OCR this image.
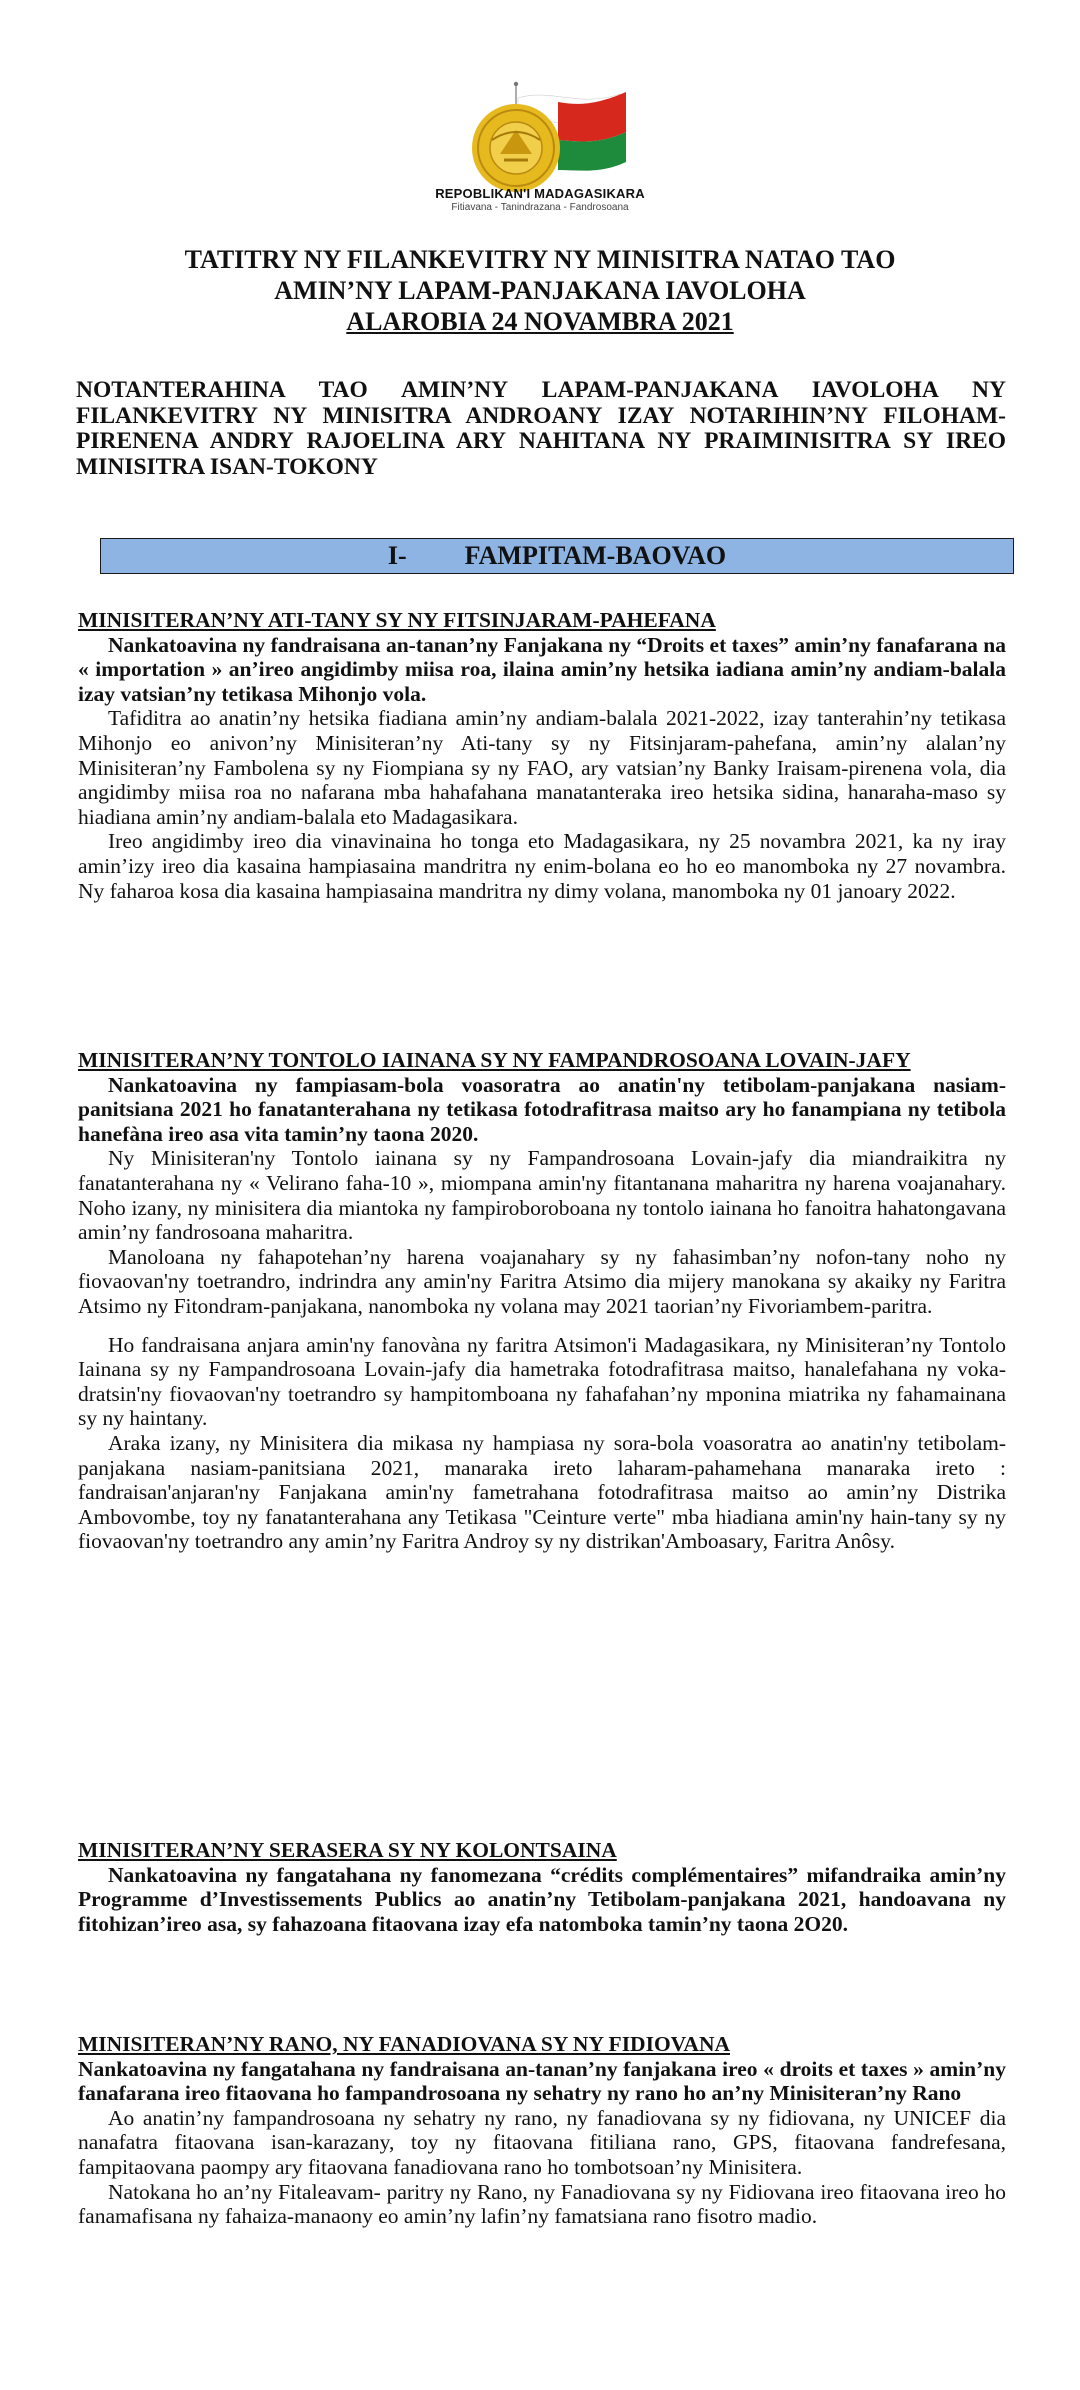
REPOBLIKAN'I MADAGASIKARA
Fitiavana - Tanindrazana - Fandrosoana
TATITRY NY FILANKEVITRY NY MINISITRA NATAO TAO
AMIN’NY LAPAM-PANJAKANA IAVOLOHA
ALAROBIA 24 NOVAMBRA 2021
NOTANTERAHINA TAO AMIN’NY LAPAM-PANJAKANA IAVOLOHA NY FILANKEVITRY NY MINISITRA ANDROANY IZAY NOTARIHIN’NY FILOHAM-PIRENENA ANDRY RAJOELINA ARY NAHITANA NY PRAIMINISITRA SY IREO MINISITRA ISAN-TOKONY
I- FAMPITAM-BAOVAO

MINISITERAN’NY ATI-TANY SY NY FITSINJARAM-PAHEFANA

Nankatoavina ny fandraisana an-tanan’ny Fanjakana ny “Droits et taxes” amin’ny fanafarana na « importation » an’ireo angidimby miisa roa, ilaina amin’ny hetsika iadiana amin’ny andiam-balala izay vatsian’ny tetikasa Mihonjo vola.

Tafiditra ao anatin’ny hetsika fiadiana amin’ny andiam-balala 2021-2022, izay tanterahin’ny tetikasa Mihonjo eo anivon’ny Minisiteran’ny Ati-tany sy ny Fitsinjaram-pahefana, amin’ny alalan’ny Minisiteran’ny Fambolena sy ny Fiompiana sy ny FAO, ary vatsian’ny Banky Iraisam-pirenena vola, dia angidimby miisa roa no nafarana mba hahafahana manatanteraka ireo hetsika sidina, hanaraha-maso sy hiadiana amin’ny andiam-balala eto Madagasikara.

Ireo angidimby ireo dia vinavinaina ho tonga eto Madagasikara, ny 25 novambra 2021, ka ny iray amin’izy ireo dia kasaina hampiasaina mandritra ny enim-bolana eo ho eo manomboka ny 27 novambra. Ny faharoa kosa dia kasaina hampiasaina mandritra ny dimy volana, manomboka ny 01 janoary 2022.

MINISITERAN’NY TONTOLO IAINANA SY NY FAMPANDROSOANA LOVAIN-JAFY

Nankatoavina ny fampiasam-bola voasoratra ao anatin'ny tetibolam-panjakana nasiam-panitsiana 2021 ho fanatanterahana ny tetikasa fotodrafitrasa maitso ary ho fanampiana ny tetibola hanefàna ireo asa vita tamin’ny taona 2020.

Ny Minisiteran'ny Tontolo iainana sy ny Fampandrosoana Lovain-jafy dia miandraikitra ny fanatanterahana ny « Velirano faha-10 », miompana amin'ny fitantanana maharitra ny harena voajanahary. Noho izany, ny minisitera dia miantoka ny fampiroboroboana ny tontolo iainana ho fanoitra hahatongavana amin’ny fandrosoana maharitra.

Manoloana ny fahapotehan’ny harena voajanahary sy ny fahasimban’ny nofon-tany noho ny fiovaovan'ny toetrandro, indrindra any amin'ny Faritra Atsimo dia mijery manokana sy akaiky ny Faritra Atsimo ny Fitondram-panjakana, nanomboka ny volana may 2021 taorian’ny Fivoriambem-paritra.

Ho fandraisana anjara amin'ny fanovàna ny faritra Atsimon'i Madagasikara, ny Minisiteran’ny Tontolo Iainana sy ny Fampandrosoana Lovain-jafy dia hametraka fotodrafitrasa maitso, hanalefahana ny voka-dratsin'ny fiovaovan'ny toetrandro sy hampitomboana ny fahafahan’ny mponina miatrika ny fahamainana sy ny haintany.

Araka izany, ny Minisitera dia mikasa ny hampiasa ny sora-bola voasoratra ao anatin'ny tetibolam-panjakana nasiam-panitsiana 2021, manaraka ireto laharam-pahamehana manaraka ireto : fandraisan'anjaran'ny Fanjakana amin'ny fametrahana fotodrafitrasa maitso ao amin’ny Distrika Ambovombe, toy ny fanatanterahana any Tetikasa "Ceinture verte" mba hiadiana amin'ny hain-tany sy ny fiovaovan'ny toetrandro any amin’ny Faritra Androy sy ny distrikan'Amboasary, Faritra Anôsy.

MINISITERAN’NY SERASERA SY NY KOLONTSAINA

Nankatoavina ny fangatahana ny fanomezana “crédits complémentaires” mifandraika amin’ny Programme d’Investissements Publics ao anatin’ny Tetibolam-panjakana 2021, handoavana ny fitohizan’ireo asa, sy fahazoana fitaovana izay efa natomboka tamin’ny taona 2O20.

MINISITERAN’NY RANO, NY FANADIOVANA SY NY FIDIOVANA

Nankatoavina ny fangatahana ny fandraisana an-tanan’ny fanjakana ireo « droits et taxes » amin’ny fanafarana ireo fitaovana ho fampandrosoana ny sehatry ny rano ho an’ny Minisiteran’ny Rano

Ao anatin’ny fampandrosoana ny sehatry ny rano, ny fanadiovana sy ny fidiovana, ny UNICEF dia nanafatra fitaovana isan-karazany, toy ny fitaovana fitiliana rano, GPS, fitaovana fandrefesana, fampitaovana paompy ary fitaovana fanadiovana rano ho tombotsoan’ny Minisitera.

Natokana ho an’ny Fitaleavam- paritry ny Rano, ny Fanadiovana sy ny Fidiovana ireo fitaovana ireo ho fanamafisana ny fahaiza-manaony eo amin’ny lafin’ny famatsiana rano fisotro madio.
